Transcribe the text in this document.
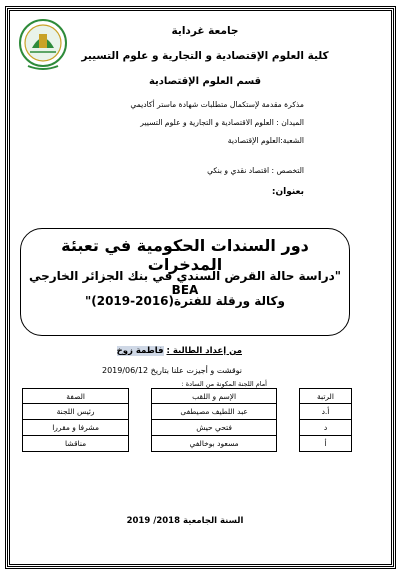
جامعة غرداية
كلية العلوم الإقتصادية و التجارية و علوم التسيير
قسم العلوم الإقتصادية
مذكرة مقدمة لإستكمال متطلبات شهادة ماستر أكاديمي
الميدان : العلوم الاقتصادية و التجارية و علوم التسيير
الشعبة:العلوم الإقتصادية
التخصص : اقتصاد نقدي و بنكي
بعنوان:
دور السندات الحكومية في تعبئة المدخرات
"دراسة حالة القرض السندي في بنك الجزائر الخارجي BEA
وكالة ورقلة للفترة(2016-2019)"
من إعداد الطالبة : فاطمة زوخ
نوقشت و أجيزت علنا بتاريخ 2019/06/12
أمام اللجنة المكونة من السادة :
الرتبة		الإسم و اللقب		الصفة
أ.د		عبد اللطيف مصيطفى		رئيس اللجنة
د		فتحي حيش		مشرفا و مقررا
أ		مسعود بوخالفي		مناقشا
السنة الجامعية 2018/ 2019
